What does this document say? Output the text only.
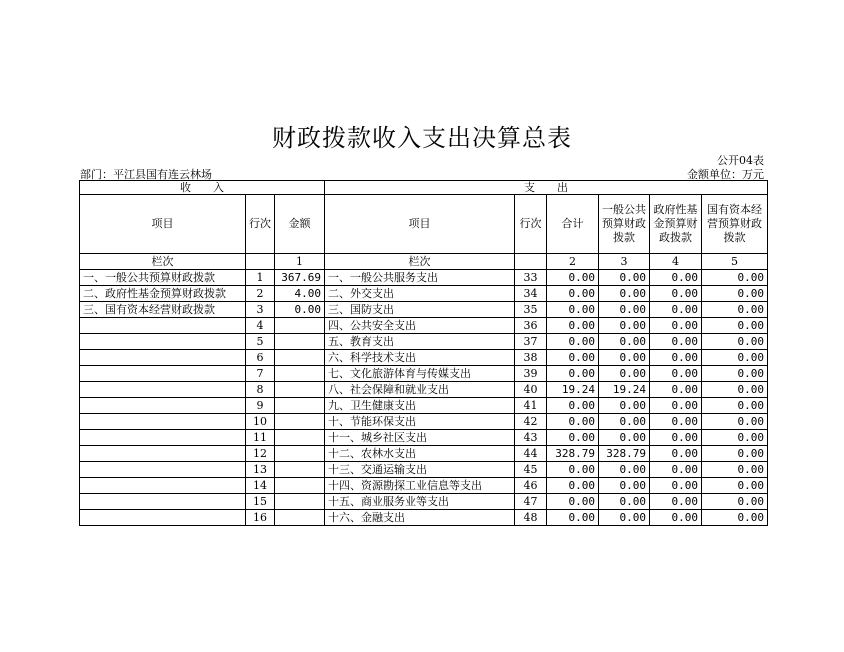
财政拨款收入支出决算总表
公开04表
部门：平江县国有连云林场	金额单位：万元
收　　入			支　　出					
项目	行次	金额	项目	行次	合计	一般公共预算财政拨款	政府性基金预算财政拨款	国有资本经营预算财政拨款
栏次		1	栏次		2	3	4	5
一、一般公共预算财政拨款	1	367.69	一、一般公共服务支出	33	0.00	0.00	0.00	0.00
二、政府性基金预算财政拨款	2	4.00	二、外交支出	34	0.00	0.00	0.00	0.00
三、国有资本经营财政拨款	3	0.00	三、国防支出	35	0.00	0.00	0.00	0.00
	4		四、公共安全支出	36	0.00	0.00	0.00	0.00
	5		五、教育支出	37	0.00	0.00	0.00	0.00
	6		六、科学技术支出	38	0.00	0.00	0.00	0.00
	7		七、文化旅游体育与传媒支出	39	0.00	0.00	0.00	0.00
	8		八、社会保障和就业支出	40	19.24	19.24	0.00	0.00
	9		九、卫生健康支出	41	0.00	0.00	0.00	0.00
	10		十、节能环保支出	42	0.00	0.00	0.00	0.00
	11		十一、城乡社区支出	43	0.00	0.00	0.00	0.00
	12		十二、农林水支出	44	328.79	328.79	0.00	0.00
	13		十三、交通运输支出	45	0.00	0.00	0.00	0.00
	14		十四、资源勘探工业信息等支出	46	0.00	0.00	0.00	0.00
	15		十五、商业服务业等支出	47	0.00	0.00	0.00	0.00
	16		十六、金融支出	48	0.00	0.00	0.00	0.00
